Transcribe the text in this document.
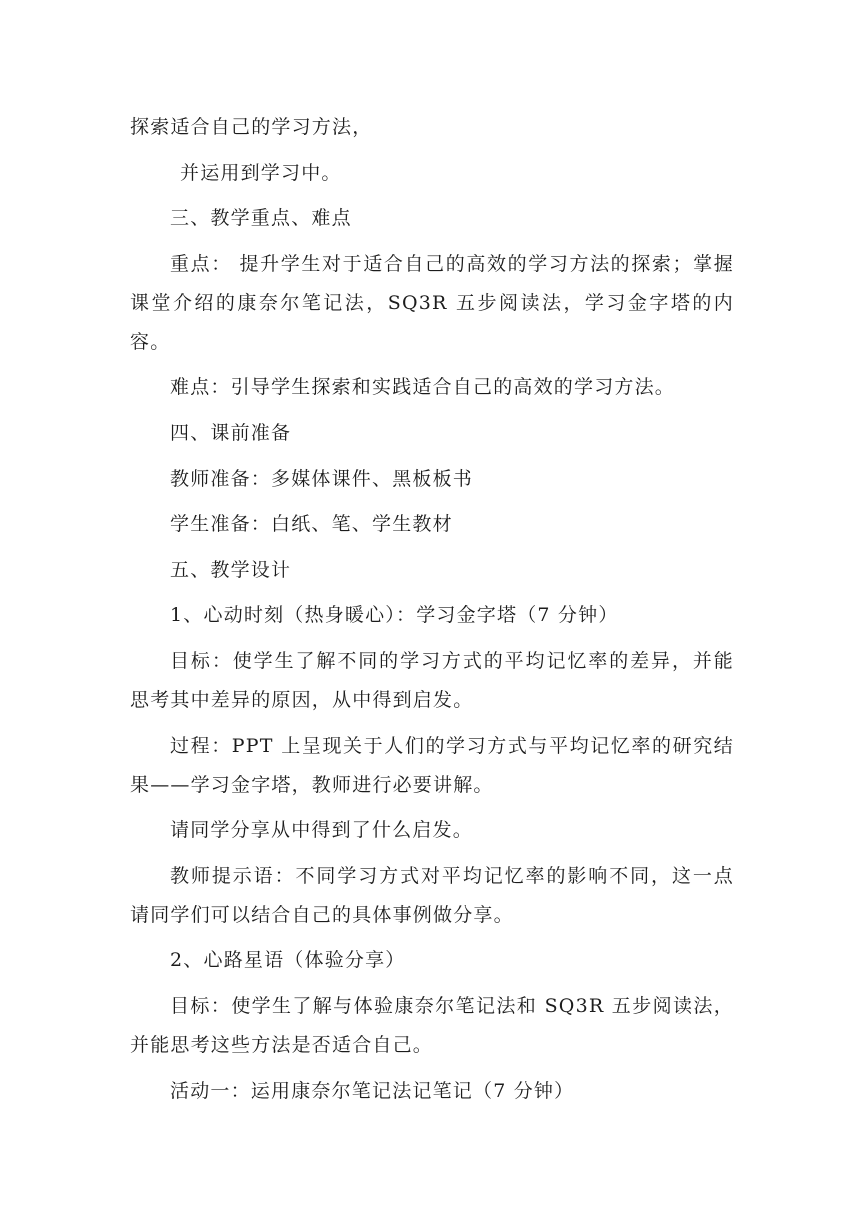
探索适合自己的学习方法，

并运用到学习中。

三、教学重点、难点

重点： 提升学生对于适合自己的高效的学习方法的探索；掌握课堂介绍的康奈尔笔记法，SQ3R 五步阅读法，学习金字塔的内容。

难点：引导学生探索和实践适合自己的高效的学习方法。

四、课前准备

教师准备：多媒体课件、黑板板书

学生准备：白纸、笔、学生教材

五、教学设计

1、心动时刻（热身暖心）：学习金字塔（7 分钟）

目标：使学生了解不同的学习方式的平均记忆率的差异，并能思考其中差异的原因，从中得到启发。

过程：PPT 上呈现关于人们的学习方式与平均记忆率的研究结果——学习金字塔，教师进行必要讲解。

请同学分享从中得到了什么启发。

教师提示语：不同学习方式对平均记忆率的影响不同，这一点请同学们可以结合自己的具体事例做分享。

2、心路星语（体验分享）

目标：使学生了解与体验康奈尔笔记法和 SQ3R 五步阅读法，并能思考这些方法是否适合自己。

活动一：运用康奈尔笔记法记笔记（7 分钟）
